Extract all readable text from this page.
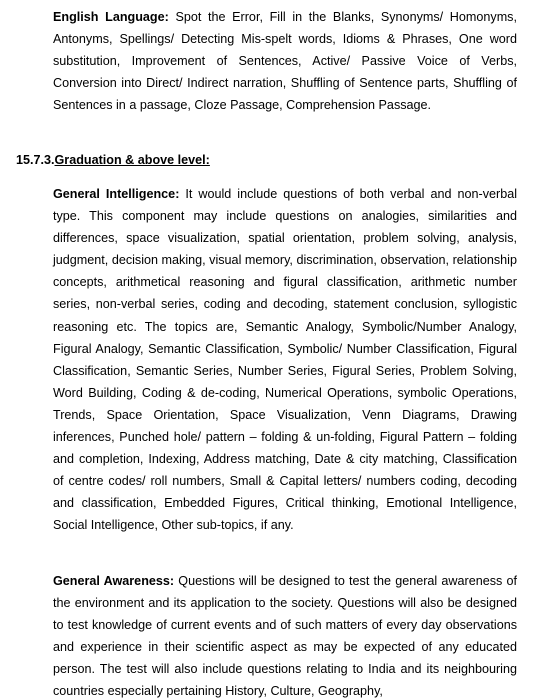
English Language: Spot the Error, Fill in the Blanks, Synonyms/ Homonyms, Antonyms, Spellings/ Detecting Mis-spelt words, Idioms & Phrases, One word substitution, Improvement of Sentences, Active/ Passive Voice of Verbs, Conversion into Direct/ Indirect narration, Shuffling of Sentence parts, Shuffling of Sentences in a passage, Cloze Passage, Comprehension Passage.

15.7.3.Graduation & above level:

General Intelligence: It would include questions of both verbal and non-verbal type. This component may include questions on analogies, similarities and differences, space visualization, spatial orientation, problem solving, analysis, judgment, decision making, visual memory, discrimination, observation, relationship concepts, arithmetical reasoning and figural classification, arithmetic number series, non-verbal series, coding and decoding, statement conclusion, syllogistic reasoning etc. The topics are, Semantic Analogy, Symbolic/Number Analogy, Figural Analogy, Semantic Classification, Symbolic/ Number Classification, Figural Classification, Semantic Series, Number Series, Figural Series, Problem Solving, Word Building, Coding & de-coding, Numerical Operations, symbolic Operations, Trends, Space Orientation, Space Visualization, Venn Diagrams, Drawing inferences, Punched hole/ pattern – folding & un-folding, Figural Pattern – folding and completion, Indexing, Address matching, Date & city matching, Classification of centre codes/ roll numbers, Small & Capital letters/ numbers coding, decoding and classification, Embedded Figures, Critical thinking, Emotional Intelligence, Social Intelligence, Other sub-topics, if any.

General Awareness: Questions will be designed to test the general awareness of the environment and its application to the society. Questions will also be designed to test knowledge of current events and of such matters of every day observations and experience in their scientific aspect as may be expected of any educated person. The test will also include questions relating to India and its neighbouring countries especially pertaining History, Culture, Geography,
